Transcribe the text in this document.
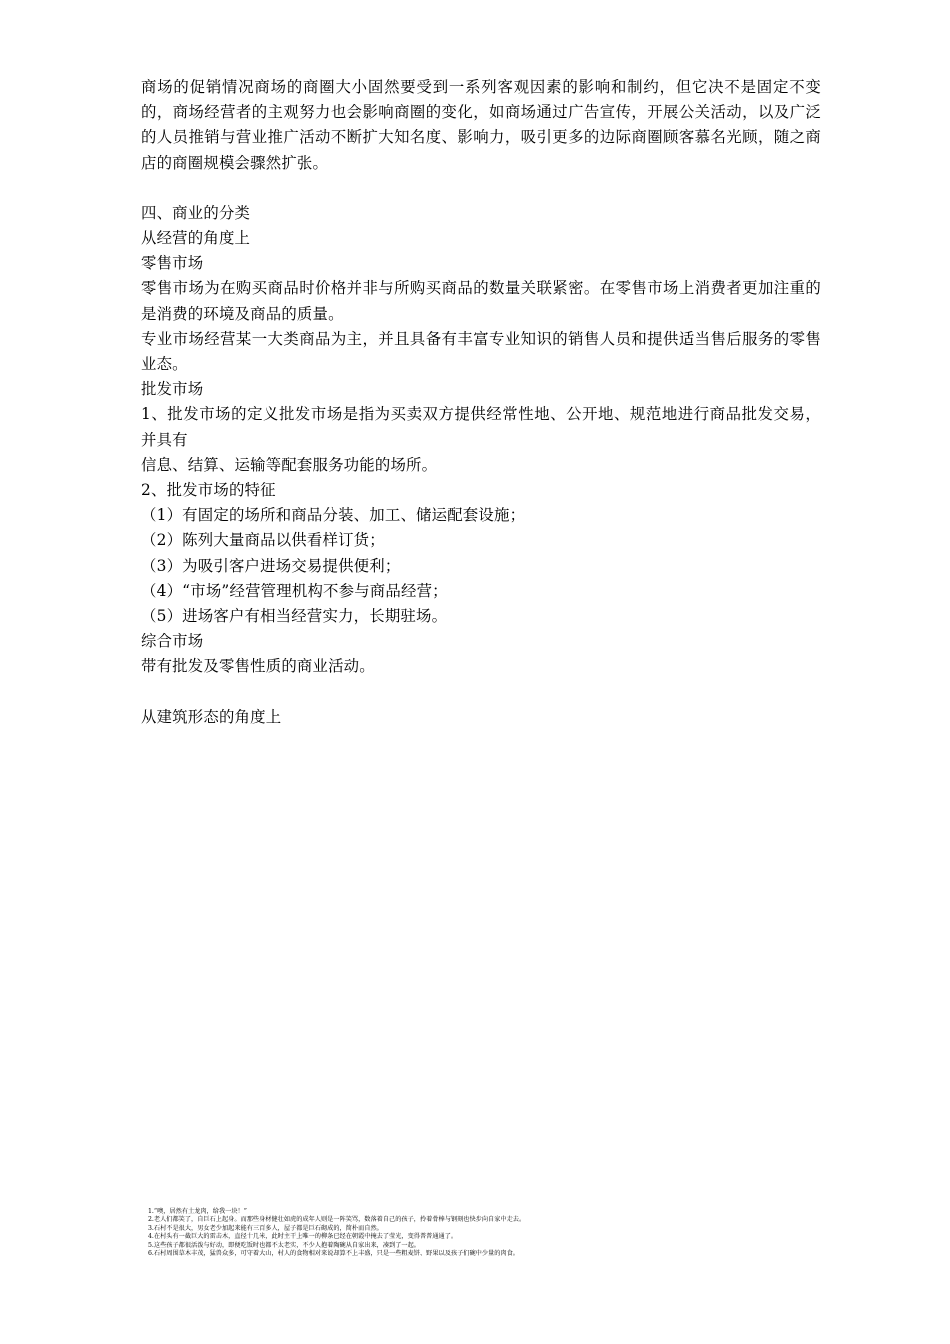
商场的促销情况商场的商圈大小固然要受到一系列客观因素的影响和制约，但它决不是固定不变的，商场经营者的主观努力也会影响商圈的变化，如商场通过广告宣传，开展公关活动，以及广泛的人员推销与营业推广活动不断扩大知名度、影响力，吸引更多的边际商圈顾客慕名光顾，随之商店的商圈规模会骤然扩张。

四、商业的分类

从经营的角度上

零售市场

零售市场为在购买商品时价格并非与所购买商品的数量关联紧密。在零售市场上消费者更加注重的是消费的环境及商品的质量。

专业市场经营某一大类商品为主，并且具备有丰富专业知识的销售人员和提供适当售后服务的零售业态。

批发市场

1、批发市场的定义批发市场是指为买卖双方提供经常性地、公开地、规范地进行商品批发交易，并具有

信息、结算、运输等配套服务功能的场所。

2、批发市场的特征

（1）有固定的场所和商品分装、加工、储运配套设施；

（2）陈列大量商品以供看样订货；

（3）为吸引客户进场交易提供便利；

（4）“市场”经营管理机构不参与商品经营；

（5）进场客户有相当经营实力，长期驻场。

综合市场

带有批发及零售性质的商业活动。

从建筑形态的角度上

1.“噢，居然有土龙肉，给我一块！”

2.老人们都笑了，自巨石上起身。而那些身材健壮如虎的成年人则是一阵笑骂，数落着自己的孩子，拎着骨棒与钢刻也快步向自家中走去。

3.石村不是很大，男女老少加起来能有三百多人，屋子都是巨石砌成的，简朴而自然。

4.在村头有一截巨大的雷击木，直径十几米，此时主干上唯一的柳条已经在朝霞中掩去了莹光，变得普普通通了。

5.这些孩子都很活泼与好动，即便吃饭时也都不太老实，不少人抱着陶碗从自家出来，凑到了一起。

6.石村周围草木丰茂，猛兽众多，可守着大山，村人的食物相对来说却算不上丰盛，只是一些粗麦饼、野果以及孩子们碗中少量的肉食。
